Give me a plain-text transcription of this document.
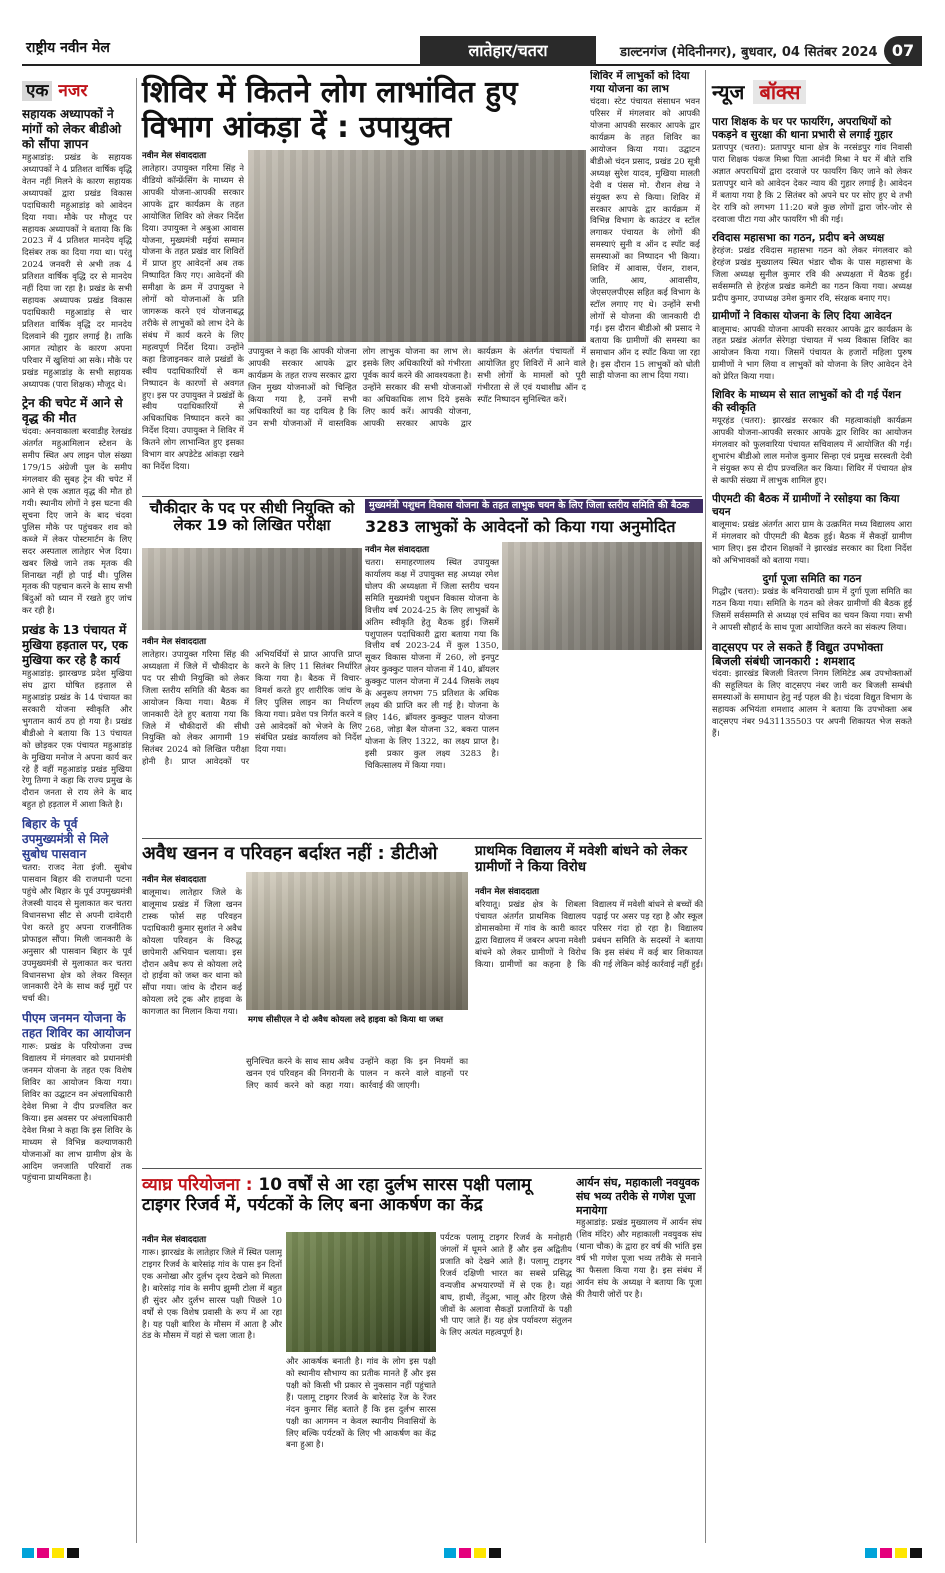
राष्ट्रीय नवीन मेल	लातेहार/चतरा	डाल्टनगंज (मेदिनीनगर), बुधवार, 04 सितंबर 2024 07
एक नजर
सहायक अध्यापकों ने मांगों को लेकर बीडीओ को सौंपा ज्ञापन
महुआडांड़: प्रखंड के सहायक अध्यापकों ने 4 प्रतिशत वार्षिक वृद्धि वेतन नहीं मिलने के कारण सहायक अध्यापकों द्वारा प्रखंड विकास पदाधिकारी महुआडांड़ को आवेदन दिया गया। मौके पर मौजूद पर सहायक अध्यापकों ने बताया कि कि 2023 में 4 प्रतिशत मानदेय वृद्धि दिसंबर तक का दिया गया था। परंतु 2024 जनवरी से अभी तक 4 प्रतिशत वार्षिक वृद्धि दर से मानदेय नहीं दिया जा रहा है। प्रखंड के सभी सहायक अध्यापक प्रखंड विकास पदाधिकारी महुआडांड़ से चार प्रतिशत वार्षिक वृद्धि दर मानदेय दिलवाने की गुहार लगाई है। ताकि आगत त्योहार के कारण अपना परिवार में खुशियां आ सके। मौके पर प्रखंड महुआडांड़ के सभी सहायक अध्यापक (पारा शिक्षक) मौजूद थे।
ट्रेन की चपेट में आने से वृद्ध की मौत
चंदवा: अनवाकाला बरवाडीह रेलखंड अंतर्गत महुआमिलान स्टेशन के समीप स्थित अप लाइन पोल संख्या 179/15 अंग्रेजी पुल के समीप मंगलवार की सुबह ट्रेन की चपेट में आने से एक अज्ञात वृद्ध की मौत हो गयी। स्थानीय लोगों ने इस घटना की सूचना दिए जाने के बाद चंदवा पुलिस मौके पर पहुंचकर शव को कब्जे में लेकर पोस्टमार्टम के लिए सदर अस्पताल लातेहार भेज दिया। खबर लिखे जाने तक मृतक की शिनाख्त नहीं हो पाई थी। पुलिस मृतक की पहचान करने के साथ सभी बिंदुओं को ध्यान में रखते हुए जांच कर रही है।
प्रखंड के 13 पंचायत में मुखिया हड़ताल पर, एक मुखिया कर रहे है कार्य
महुआडांड़: झारखण्ड प्रदेश मुखिया संघ द्वारा घोषित हड़ताल से महुआडांड़ प्रखंड के 14 पंचायत का सरकारी योजना स्वीकृति और भुगतान कार्य ठप हो गया है। प्रखंड बीडीओ ने बताया कि 13 पंचायत को छोड़कर एक पंचायत महुआडांड़ के मुखिया मनोज ने अपना कार्य कर रहे हैं वहीं महुआडांड़ प्रखंड मुखिया रेणु तिग्गा ने कहा कि राज्य प्रमुख के दौरान जनता से राय लेने के बाद बहुत हो हड़ताल में आशा किते है।
बिहार के पूर्व उपमुख्यमंत्री से मिले सुबोध पासवान
चतरा: राजद नेता इंजी. सुबोध पासवान बिहार की राजधानी पटना पहुंचे और बिहार के पूर्व उपमुख्यमंत्री तेजस्वी यादव से मुलाकात कर चतरा विधानसभा सीट से अपनी दावेदारी पेश करते हुए अपना राजनीतिक प्रोफाइल सौंपा। मिली जानकारी के अनुसार श्री पासवान बिहार के पूर्व उपमुख्यमंत्री से मुलाकात कर चतरा विधानसभा क्षेत्र को लेकर विस्तृत जानकारी देने के साथ कई मुद्दों पर चर्चा की।
पीएम जनमन योजना के तहत शिविर का आयोजन
गारू: प्रखंड के परियोजना उच्च विद्यालय में मंगलवार को प्रधानमंत्री जनमन योजना के तहत एक विशेष शिविर का आयोजन किया गया। शिविर का उद्घाटन वन अंचलाधिकारी देवेश मिश्रा ने दीप प्रज्वलित कर किया। इस अवसर पर अंचलाधिकारी देवेश मिश्रा ने कहा कि इस शिविर के माध्यम से विभिन्न कल्याणकारी योजनाओं का लाभ ग्रामीण क्षेत्र के आदिम जनजाति परिवारों तक पहुंचाना प्राथमिकता है।
शिविर में कितने लोग लाभांवित हुए विभाग आंकड़ा दें : उपायुक्त
नवीन मेल संवाददाता
लातेहार। उपायुक्त गरिमा सिंह ने वीडियो कॉन्फ्रेंसिंग के माध्यम से आपकी योजना-आपकी सरकार आपके द्वार कार्यक्रम के तहत आयोजित शिविर को लेकर निर्देश दिया। उपायुक्त ने अबुआ आवास योजना, मुख्यमंत्री मईयां सम्मान योजना के तहत प्रखंड वार शिविरों में प्राप्त हुए आवेदनों अब तक निष्पादित किए गए। आवेदनों की समीक्षा के क्रम में उपायुक्त ने लोगों को योजनाओं के प्रति जागरूक करने एवं योजनाबद्ध तरीके से लाभुकों को लाभ देने के संबंध में कार्य करने के लिए महत्वपूर्ण निर्देश दिया। उन्होंने कहा डिजाइनकर वाले प्रखंडों के स्वीय पदाधिकारियों से कम निष्पादन के कारणों से अवगत हुए। इस पर उपायुक्त ने प्रखंडों के स्वीय पदाधिकारियों से अधिकाधिक निष्पादन करने का निर्देश दिया। उपायुक्त ने शिविर में कितने लोग लाभान्वित हुए इसका विभाग वार अपडेटेड आंकड़ा रखने का निर्देश दिया।
उपायुक्त ने कहा कि आपकी योजना आपकी सरकार आपके द्वार कार्यक्रम के तहत राज्य सरकार द्वारा जिन मुख्य योजनाओं को चिन्हित किया गया है, उनमें सभी अधिकारियों का यह दायित्व है कि उन सभी योजनाओं में वास्तविक लोग लाभुक योजना का लाभ ले। इसके लिए अधिकारियों को गंभीरता पूर्वक कार्य करने की आवश्यकता है। उन्होंने सरकार की सभी योजनाओं का अधिकाधिक लाभ दिये इसके लिए कार्य करें। आपकी योजना, आपकी सरकार आपके द्वार कार्यक्रम के अंतर्गत पंचायतों में आयोजित हुए शिविरों में आने वाले सभी लोगों के मामलों को पूरी गंभीरता से लें एवं यथाशीघ्र ऑन द स्पॉट निष्पादन सुनिश्चित करें।
शिविर में लाभुकों को दिया गया योजना का लाभ
चंदवा। स्टेट पंचायत संसाधन भवन परिसर में मंगलवार को आपकी योजना आपकी सरकार आपके द्वार कार्यक्रम के तहत शिविर का आयोजन किया गया। उद्घाटन बीडीओ चंदन प्रसाद, प्रखंड 20 सूत्री अध्यक्ष सुरेश यादव, मुखिया मालती देवी व पंसस मो. रौशन शेख ने संयुक्त रूप से किया। शिविर में सरकार आपके द्वार कार्यक्रम में विभिन्न विभाग के काउंटर व स्टॉल लगाकर पंचायत के लोगों की समस्याएं सुनी व ऑन द स्पॉट कई समस्याओं का निष्पादन भी किया। शिविर में आवास, पेंशन, राशन, जाति, आय, आवासीय, जेएसएलपीएस सहित कई विभाग के स्टॉल लगाए गए थे। उन्होंने सभी लोगों से योजना की जानकारी दी गई। इस दौरान बीडीओ श्री प्रसाद ने बताया कि ग्रामीणों की समस्या का समाधान ऑन द स्पॉट किया जा रहा है। इस दौरान 15 लाभुकों को धोती साड़ी योजना का लाभ दिया गया।
न्यूज बॉक्स
पारा शिक्षक के घर पर फायरिंग, अपराधियों को पकड़ने व सुरक्षा की थाना प्रभारी से लगाई गुहार
प्रतापपुर (चतरा): प्रतापपुर थाना क्षेत्र के नरसंडपुर गांव निवासी पारा शिक्षक पंकज मिश्रा पिता आनंदी मिश्रा ने घर में बीते रात्रि अज्ञात अपराधियों द्वारा दरवाजे पर फायरिंग किए जाने को लेकर प्रतापपुर थाने को आवेदन देकर न्याय की गुहार लगाई है। आवेदन में बताया गया है कि 2 सितंबर को अपने घर पर सोए हुए थे तभी देर रात्रि को लगभग 11:20 बजे कुछ लोगों द्वारा जोर-जोर से दरवाजा पीटा गया और फायरिंग भी की गई।
रविदास महासभा का गठन, प्रदीप बने अध्यक्ष
हेरहंज: प्रखंड रविदास महासभा गठन को लेकर मंगलवार को हेरहंज प्रखंड मुख्यालय स्थित भंडार चौक के पास महासभा के जिला अध्यक्ष सुनील कुमार रवि की अध्यक्षता में बैठक हुई। सर्वसम्मति से हेरहंज प्रखंड कमेटी का गठन किया गया। अध्यक्ष प्रदीप कुमार, उपाध्यक्ष उमेश कुमार रवि, संरक्षक बनाए गए।
ग्रामीणों ने विकास योजना के लिए दिया आवेदन
बालूमाथ: आपकी योजना आपकी सरकार आपके द्वार कार्यक्रम के तहत प्रखंड अंतर्गत सेरेगड़ा पंचायत में भव्य विकास शिविर का आयोजन किया गया। जिसमें पंचायत के हजारों महिला पुरुष ग्रामीणों ने भाग लिया व लाभुकों को योजना के लिए आवेदन देने को प्रेरित किया गया।
शिविर के माध्यम से सात लाभुकों को दी गई पेंशन की स्वीकृति
मयूरहंड (चतरा): झारखंड सरकार की महत्वाकांक्षी कार्यक्रम आपकी योजना-आपकी सरकार आपके द्वार शिविर का आयोजन मंगलवार को फुलवारिया पंचायत सचिवालय में आयोजित की गई। शुभारंभ बीडीओ लाल मनोज कुमार सिन्हा एवं प्रमुख सरस्वती देवी ने संयुक्त रूप से दीप प्रज्वलित कर किया। शिविर में पंचायत क्षेत्र से काफी संख्या में लाभुक शामिल हुए।
पीएमटी की बैठक में ग्रामीणों ने रसोइया का किया चयन
बालूमाथ: प्रखंड अंतर्गत आरा ग्राम के उत्क्रमित मध्य विद्यालय आरा में मंगलवार को पीएमटी की बैठक हुई। बैठक में सैकड़ों ग्रामीण भाग लिए। इस दौरान शिक्षकों ने झारखंड सरकार का दिशा निर्देश को अभिभावकों को बताया गया।
दुर्गा पूजा समिति का गठन
गिद्धौर (चतरा): प्रखंड के बनियाराखी ग्राम में दुर्गा पूजा समिति का गठन किया गया। समिति के गठन को लेकर ग्रामीणों की बैठक हुई जिसमें सर्वसम्मति से अध्यक्ष एवं सचिव का चयन किया गया। सभी ने आपसी सौहार्द के साथ पूजा आयोजित करने का संकल्प लिया।
वाट्सएप पर ले सकते हैं विद्युत उपभोक्ता बिजली संबंधी जानकारी : शमशाद
चंदवा: झारखंड बिजली वितरण निगम लिमिटेड अब उपभोक्ताओं की सहूलियत के लिए वाट्सएप नंबर जारी कर बिजली सम्बंधी समस्याओं के समाधान हेतु नई पहल की है। चंदवा विद्युत विभाग के सहायक अभियंता शमशाद आलम ने बताया कि उपभोक्ता अब वाट्सएप नंबर 9431135503 पर अपनी शिकायत भेज सकते हैं।
चौकीदार के पद पर सीधी नियुक्ति को लेकर 19 को लिखित परीक्षा
नवीन मेल संवाददाता
लातेहार। उपायुक्त गरिमा सिंह की अध्यक्षता में जिले में चौकीदार के पद पर सीधी नियुक्ति को लेकर जिला स्तरीय समिति की बैठक का आयोजन किया गया। बैठक में जानकारी देते हुए बताया गया कि जिले में चौकीदारों की सीधी नियुक्ति को लेकर आगामी 19 सितंबर 2024 को लिखित परीक्षा होनी है। प्राप्त आवेदकों पर अभियर्थियों से प्राप्त आपत्ति प्राप्त करने के लिए 11 सितंबर निर्धारित किया गया है। बैठक में विचार-विमर्श करते हुए शारीरिक जांच के लिए पुलिस लाइन का निर्धारण किया गया। प्रवेश पत्र निर्गत करने व उसे आवेदकों को भेजने के लिए संबंधित प्रखंड कार्यालय को निर्देश दिया गया।
मुख्यमंत्री पशुधन विकास योजना के तहत लाभुक चयन के लिए जिला स्तरीय समिति की बैठक
3283 लाभुकों के आवेदनों को किया गया अनुमोदित
नवीन मेल संवाददाता
चतरा। समाहरणालय स्थित उपायुक्त कार्यालय कक्ष में उपायुक्त सह अध्यक्ष रमेश घोलप की अध्यक्षता में जिला स्तरीय चयन समिति मुख्यमंत्री पशुधन विकास योजना के वित्तीय वर्ष 2024-25 के लिए लाभुकों के अंतिम स्वीकृति हेतु बैठक हुई। जिसमें पशुपालन पदाधिकारी द्वारा बताया गया कि वित्तीय वर्ष 2023-24 में कुल 1350, सूकर विकास योजना में 260, लो इनपुट लेयर कुक्कुट पालन योजना में 140, ब्रॉयलर कुक्कुट पालन योजना में 244 जिसके लक्ष्य के अनुरूप लगभग 75 प्रतिशत के अधिक लक्ष्य की प्राप्ति कर ली गई है। योजना के लिए 146, ब्रॉयलर कुक्कुट पालन योजना 268, जोड़ा बैल योजना 32, बकरा पालन योजना के लिए 1322, का लक्ष्य प्राप्त है। इसी प्रकार कुल लक्ष्य 3283 है। चिकित्सालय में किया गया।
अवैध खनन व परिवहन बर्दाश्त नहीं : डीटीओ
नवीन मेल संवाददाता
बालूमाथ। लातेहार जिले के बालूमाथ प्रखंड में जिला खनन टास्क फोर्स सह परिवहन पदाधिकारी कुमार सुशांत ने अवैध कोयला परिवहन के विरुद्ध छापेमारी अभियान चलाया। इस दौरान अवैध रूप से कोयला लदे दो हाईवा को जब्त कर थाना को सौंपा गया। जांच के दौरान कई कोयला लदे ट्रक और हाइवा के कागजात का मिलान किया गया।
मगध सीसीएल ने दो अवैध कोयला लदे हाइवा को किया था जब्त
सुनिश्चित करने के साथ साथ अवैध खनन एवं परिवहन की निगरानी के लिए कार्य करने को कहा गया। उन्होंने कहा कि इन नियमों का पालन न करने वाले वाहनों पर कार्रवाई की जाएगी।
प्राथमिक विद्यालय में मवेशी बांधने को लेकर ग्रामीणों ने किया विरोध
नवीन मेल संवाददाता
बरियातू। प्रखंड क्षेत्र के शिबला पंचायत अंतर्गत प्राथमिक विद्यालय डोमासकोमा में गांव के कारी कादर द्वारा विद्यालय में जबरन अपना मवेशी बांधने को लेकर ग्रामीणों ने विरोध किया। ग्रामीणों का कहना है कि विद्यालय में मवेशी बांधने से बच्चों की पढ़ाई पर असर पड़ रहा है और स्कूल परिसर गंदा हो रहा है। विद्यालय प्रबंधन समिति के सदस्यों ने बताया कि इस संबंध में कई बार शिकायत की गई लेकिन कोई कार्रवाई नहीं हुई।
व्याघ्र परियोजना : 10 वर्षों से आ रहा दुर्लभ सारस पक्षी पलामू टाइगर रिजर्व में, पर्यटकों के लिए बना आकर्षण का केंद्र
नवीन मेल संवाददाता
गारू। झारखंड के लातेहार जिले में स्थित पलामू टाइगर रिजर्व के बारेसांढ़ गांव के पास इन दिनों एक अनोखा और दुर्लभ दृश्य देखने को मिलता है। बारेसांढ़ गांव के समीप झुम्मी टोला में बहुत ही सुंदर और दुर्लभ सारस पक्षी पिछले 10 वर्षों से एक विशेष प्रवासी के रूप में आ रहा है। यह पक्षी बारिश के मौसम में आता है और ठंड के मौसम में यहां से चला जाता है।
और आकर्षक बनाती है। गांव के लोग इस पक्षी को स्थानीय सौभाग्य का प्रतीक मानते हैं और इस पक्षी को किसी भी प्रकार से नुकसान नहीं पहुंचाते हैं। पलामू टाइगर रिजर्व के बारेसांढ़ रेंज के रेंजर नंदन कुमार सिंह बताते हैं कि इस दुर्लभ सारस पक्षी का आगमन न केवल स्थानीय निवासियों के लिए बल्कि पर्यटकों के लिए भी आकर्षण का केंद्र बना हुआ है।
पर्यटक पलामू टाइगर रिजर्व के मनोहारी जंगलों में घूमने आते हैं और इस अद्वितीय प्रजाति को देखने आते हैं। पलामू टाइगर रिजर्व दक्षिणी भारत का सबसे प्रसिद्ध वन्यजीव अभयारण्यों में से एक है। यहां बाघ, हाथी, तेंदुआ, भालू और हिरण जैसे जीवों के अलावा सैकड़ों प्रजातियों के पक्षी भी पाए जाते हैं। यह क्षेत्र पर्यावरण संतुलन के लिए अत्यंत महत्वपूर्ण है।
आर्यन संघ, महाकाली नवयुवक संघ भव्य तरीके से गणेश पूजा मनायेगा
महुआडांड़: प्रखंड मुख्यालय में आर्यन संघ (शिव मंदिर) और महाकाली नवयुवक संघ (थाना चौक) के द्वारा हर वर्ष की भांति इस वर्ष भी गणेश पूजा भव्य तरीके से मनाने का फैसला किया गया है। इस संबंध में आर्यन संघ के अध्यक्ष ने बताया कि पूजा की तैयारी जोरों पर है।
